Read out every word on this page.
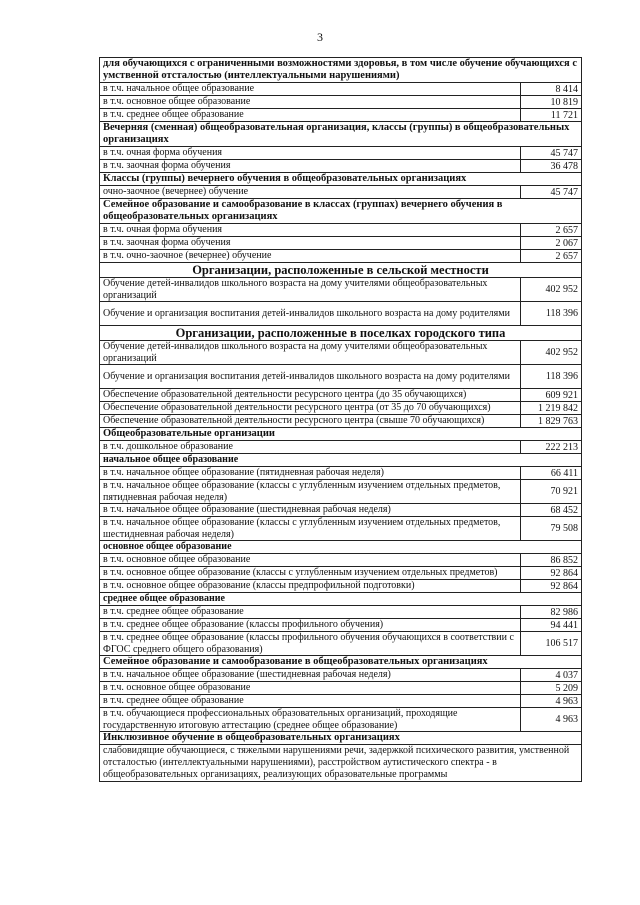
3
для обучающихся с ограниченными возможностями здоровья, в том числе обучение обучающихся с умственной отсталостью (интеллектуальными нарушениями)	
в т.ч. начальное общее образование	8 414
в т.ч. основное общее образование	10 819
в т.ч. среднее общее образование	11 721
Вечерняя (сменная) общеобразовательная организация, классы (группы) в общеобразовательных организациях	
в т.ч. очная форма обучения	45 747
в т.ч. заочная форма обучения	36 478
Классы (группы) вечернего обучения в общеобразовательных организациях	
очно-заочное (вечернее) обучение	45 747
Семейное образование и самообразование в классах (группах) вечернего обучения в общеобразовательных организациях	
в т.ч. очная форма обучения	2 657
в т.ч. заочная форма обучения	2 067
в т.ч. очно-заочное (вечернее) обучение	2 657
Организации, расположенные в сельской местности	
Обучение детей-инвалидов школьного возраста на дому учителями общеобразовательных организаций	402 952
Обучение и организация воспитания детей-инвалидов школьного возраста на дому родителями	118 396
Организации, расположенные в поселках городского типа	
Обучение детей-инвалидов школьного возраста на дому учителями общеобразовательных организаций	402 952
Обучение и организация воспитания детей-инвалидов школьного возраста на дому родителями	118 396
Обеспечение образовательной деятельности ресурсного центра (до 35 обучающихся)	609 921
Обеспечение образовательной деятельности ресурсного центра (от 35 до 70 обучающихся)	1 219 842
Обеспечение образовательной деятельности ресурсного центра (свыше 70 обучающихся)	1 829 763
Общеобразовательные организации	
в т.ч. дошкольное образование	222 213
начальное общее образование	
в т.ч. начальное общее образование (пятидневная рабочая неделя)	66 411
в т.ч. начальное общее образование (классы с углубленным изучением отдельных предметов, пятидневная рабочая неделя)	70 921
в т.ч. начальное общее образование (шестидневная рабочая неделя)	68 452
в т.ч. начальное общее образование (классы с углубленным изучением отдельных предметов, шестидневная рабочая неделя)	79 508
основное общее образование	
в т.ч. основное общее образование	86 852
в т.ч. основное общее образование (классы с углубленным изучением отдельных предметов)	92 864
в т.ч. основное общее образование (классы предпрофильной подготовки)	92 864
среднее общее образование	
в т.ч. среднее общее образование	82 986
в т.ч. среднее общее образование (классы профильного обучения)	94 441
в т.ч. среднее общее образование (классы профильного обучения обучающихся в соответствии с ФГОС среднего общего образования)	106 517
Семейное образование и самообразование в общеобразовательных организациях	
в т.ч. начальное общее образование (шестидневная рабочая неделя)	4 037
в т.ч. основное общее образование	5 209
в т.ч. среднее общее образование	4 963
в т.ч. обучающиеся профессиональных образовательных организаций, проходящие государственную итоговую аттестацию (среднее общее образование)	4 963
Инклюзивное обучение в общеобразовательных организациях	
слабовидящие обучающиеся, с тяжелыми нарушениями речи, задержкой психического развития, умственной отсталостью (интеллектуальными нарушениями), расстройством аутистического спектра - в общеобразовательных организациях, реализующих образовательные программы	
